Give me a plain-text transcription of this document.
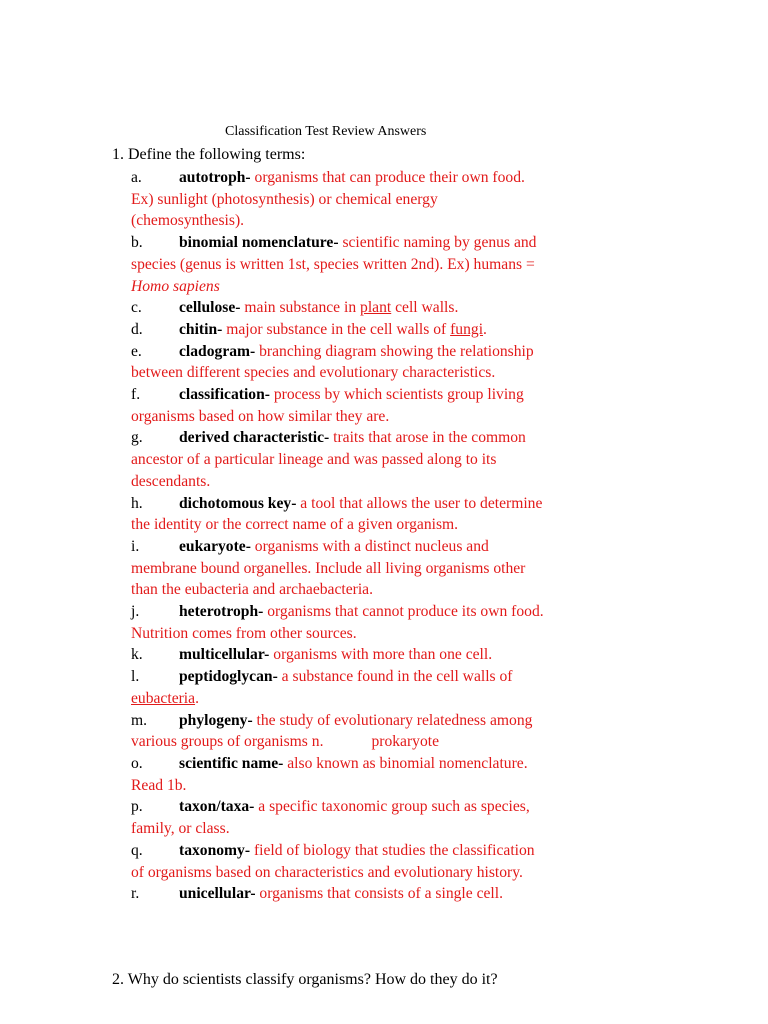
Classification Test Review Answers
1. Define the following terms:

a. autotroph- organisms that can produce their own food. Ex) sunlight (photosynthesis) or chemical energy (chemosynthesis).

b. binomial nomenclature- scientific naming by genus and species (genus is written 1st, species written 2nd). Ex) humans = Homo sapiens

c. cellulose- main substance in plant cell walls.

d. chitin- major substance in the cell walls of fungi.

e. cladogram- branching diagram showing the relationship between different species and evolutionary characteristics.

f. classification- process by which scientists group living organisms based on how similar they are.

g. derived characteristic- traits that arose in the common ancestor of a particular lineage and was passed along to its descendants.

h. dichotomous key- a tool that allows the user to determine the identity or the correct name of a given organism.

i.	eukaryote- organisms with a distinct nucleus and membrane bound organelles. Include all living organisms other than the eubacteria and archaebacteria.

j.	heterotroph- organisms that cannot produce its own food. Nutrition comes from other sources.

k. multicellular- organisms with more than one cell.

l.	peptidoglycan- a substance found in the cell walls of eubacteria.

m. phylogeny- the study of evolutionary relatedness among various groups of organisms n.	prokaryote

o. scientific name- also known as binomial nomenclature. Read 1b.

p. taxon/taxa- a specific taxonomic group such as species, family, or class.

q. taxonomy- field of biology that studies the classification of organisms based on characteristics and evolutionary history.

r.	unicellular- organisms that consists of a single cell.

2. Why do scientists classify organisms? How do they do it?
